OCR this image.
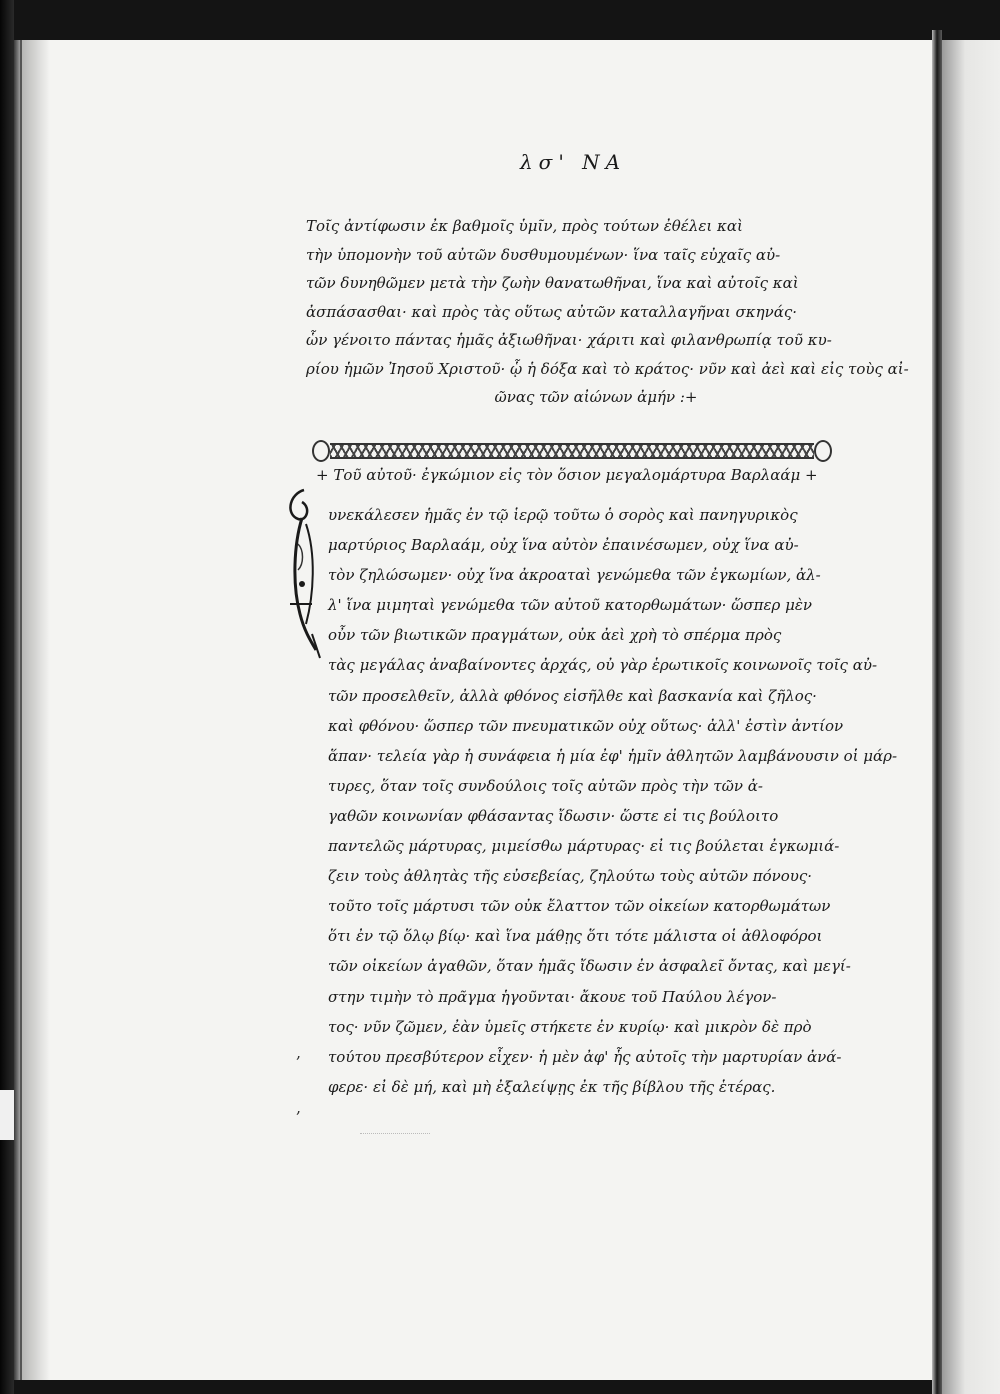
λσ' ΝΑ
Τοῖς ἀντίφωσιν ἐκ βαθμοῖς ὑμῖν, πρὸς τούτων ἐθέλει καὶ
τὴν ὑπομονὴν τοῦ αὐτῶν δυσθυμουμένων· ἵνα ταῖς εὐχαῖς αὐ-
τῶν δυνηθῶμεν μετὰ τὴν ζωὴν θανατωθῆναι, ἵνα καὶ αὐτοῖς καὶ
ἀσπάσασθαι· καὶ πρὸς τὰς οὕτως αὐτῶν καταλλαγῆναι σκηνάς·
ὧν γένοιτο πάντας ἡμᾶς ἀξιωθῆναι· χάριτι καὶ φιλανθρωπίᾳ τοῦ κυ-
ρίου ἡμῶν Ἰησοῦ Χριστοῦ· ᾧ ἡ δόξα καὶ τὸ κράτος· νῦν καὶ ἀεὶ καὶ εἰς τοὺς αἰ-
ῶνας τῶν αἰώνων ἀμήν :+
+ Τοῦ αὐτοῦ· ἐγκώμιον εἰς τὸν ὅσιον μεγαλομάρτυρα Βαρλαάμ +
υνεκάλεσεν ἡμᾶς ἐν τῷ ἱερῷ τοῦτω ὁ σορὸς καὶ πανηγυρικὸς
μαρτύριος Βαρλαάμ, οὐχ ἵνα αὐτὸν ἐπαινέσωμεν, οὐχ ἵνα αὐ-
τὸν ζηλώσωμεν· οὐχ ἵνα ἀκροαταὶ γενώμεθα τῶν ἐγκωμίων, ἀλ-
λ' ἵνα μιμηταὶ γενώμεθα τῶν αὐτοῦ κατορθωμάτων· ὥσπερ μὲν
οὖν τῶν βιωτικῶν πραγμάτων, οὐκ ἀεὶ χρὴ τὸ σπέρμα πρὸς
τὰς μεγάλας ἀναβαίνοντες ἀρχάς, οὐ γὰρ ἑρωτικοῖς κοινωνοῖς τοῖς αὐ-
τῶν προσελθεῖν, ἀλλὰ φθόνος εἰσῆλθε καὶ βασκανία καὶ ζῆλος·
καὶ φθόνου· ὥσπερ τῶν πνευματικῶν οὐχ οὕτως· ἀλλ' ἐστὶν ἀντίον
ἅπαν· τελεία γὰρ ἡ συνάφεια ἡ μία ἐφ' ἡμῖν ἀθλητῶν λαμβάνουσιν οἱ μάρ-
τυρες, ὅταν τοῖς συνδούλοις τοῖς αὐτῶν πρὸς τὴν τῶν ἀ-
γαθῶν κοινωνίαν φθάσαντας ἴδωσιν· ὥστε εἰ τις βούλοιτο
παντελῶς μάρτυρας, μιμείσθω μάρτυρας· εἰ τις βούλεται ἐγκωμιά-
ζειν τοὺς ἀθλητὰς τῆς εὐσεβείας, ζηλούτω τοὺς αὐτῶν πόνους·
τοῦτο τοῖς μάρτυσι τῶν οὐκ ἔλαττον τῶν οἰκείων κατορθωμάτων
ὅτι ἐν τῷ ὅλῳ βίῳ· καὶ ἵνα μάθῃς ὅτι τότε μάλιστα οἱ ἀθλοφόροι
τῶν οἰκείων ἀγαθῶν, ὅταν ἡμᾶς ἴδωσιν ἐν ἀσφαλεῖ ὄντας, καὶ μεγί-
στην τιμὴν τὸ πρᾶγμα ἡγοῦνται· ἄκουε τοῦ Παύλου λέγον-
τος· νῦν ζῶμεν, ἐὰν ὑμεῖς στήκετε ἐν κυρίῳ· καὶ μικρὸν δὲ πρὸ
τούτου πρεσβύτερον εἶχεν· ἡ μὲν ἀφ' ἧς αὐτοῖς τὴν μαρτυρίαν ἀνά-
φερε· εἰ δὲ μή, καὶ μὴ ἐξαλείψῃς ἐκ τῆς βίβλου τῆς ἑτέρας.
,
,
